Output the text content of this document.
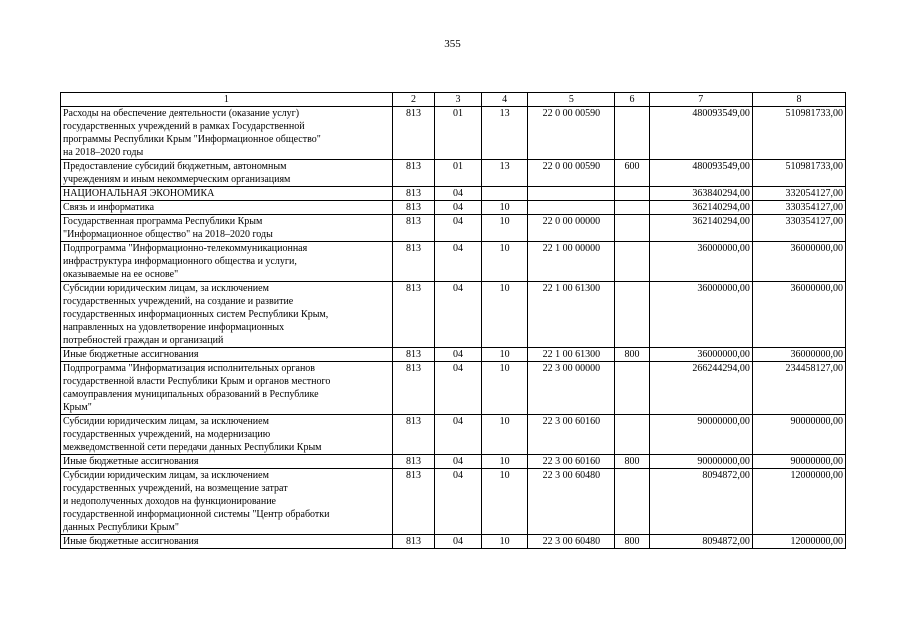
355
1	2	3	4	5	6	7	8
Расходы на обеспечение деятельности (оказание услуг)
государственных учреждений в рамках Государственной
программы Республики Крым "Информационное общество"
на 2018–2020 годы	813	01	13	22 0 00 00590		480093549,00	510981733,00
Предоставление субсидий бюджетным, автономным
учреждениям и иным некоммерческим организациям	813	01	13	22 0 00 00590	600	480093549,00	510981733,00
НАЦИОНАЛЬНАЯ ЭКОНОМИКА	813	04				363840294,00	332054127,00
Связь и информатика	813	04	10			362140294,00	330354127,00
Государственная программа Республики Крым
"Информационное общество" на 2018–2020 годы	813	04	10	22 0 00 00000		362140294,00	330354127,00
Подпрограмма "Информационно-телекоммуникационная
инфраструктура информационного общества и услуги,
оказываемые на ее основе"	813	04	10	22 1 00 00000		36000000,00	36000000,00
Субсидии юридическим лицам, за исключением
государственных учреждений, на создание и развитие
государственных информационных систем Республики Крым,
направленных на удовлетворение информационных
потребностей граждан и организаций	813	04	10	22 1 00 61300		36000000,00	36000000,00
Иные бюджетные ассигнования	813	04	10	22 1 00 61300	800	36000000,00	36000000,00
Подпрограмма "Информатизация исполнительных органов
государственной власти Республики Крым и органов местного
самоуправления муниципальных образований в Республике
Крым"	813	04	10	22 3 00 00000		266244294,00	234458127,00
Субсидии юридическим лицам, за исключением
государственных учреждений, на модернизацию
межведомственной сети передачи данных Республики Крым	813	04	10	22 3 00 60160		90000000,00	90000000,00
Иные бюджетные ассигнования	813	04	10	22 3 00 60160	800	90000000,00	90000000,00
Субсидии юридическим лицам, за исключением
государственных учреждений, на возмещение затрат
и недополученных доходов на функционирование
государственной информационной системы "Центр обработки
данных Республики Крым"	813	04	10	22 3 00 60480		8094872,00	12000000,00
Иные бюджетные ассигнования	813	04	10	22 3 00 60480	800	8094872,00	12000000,00
